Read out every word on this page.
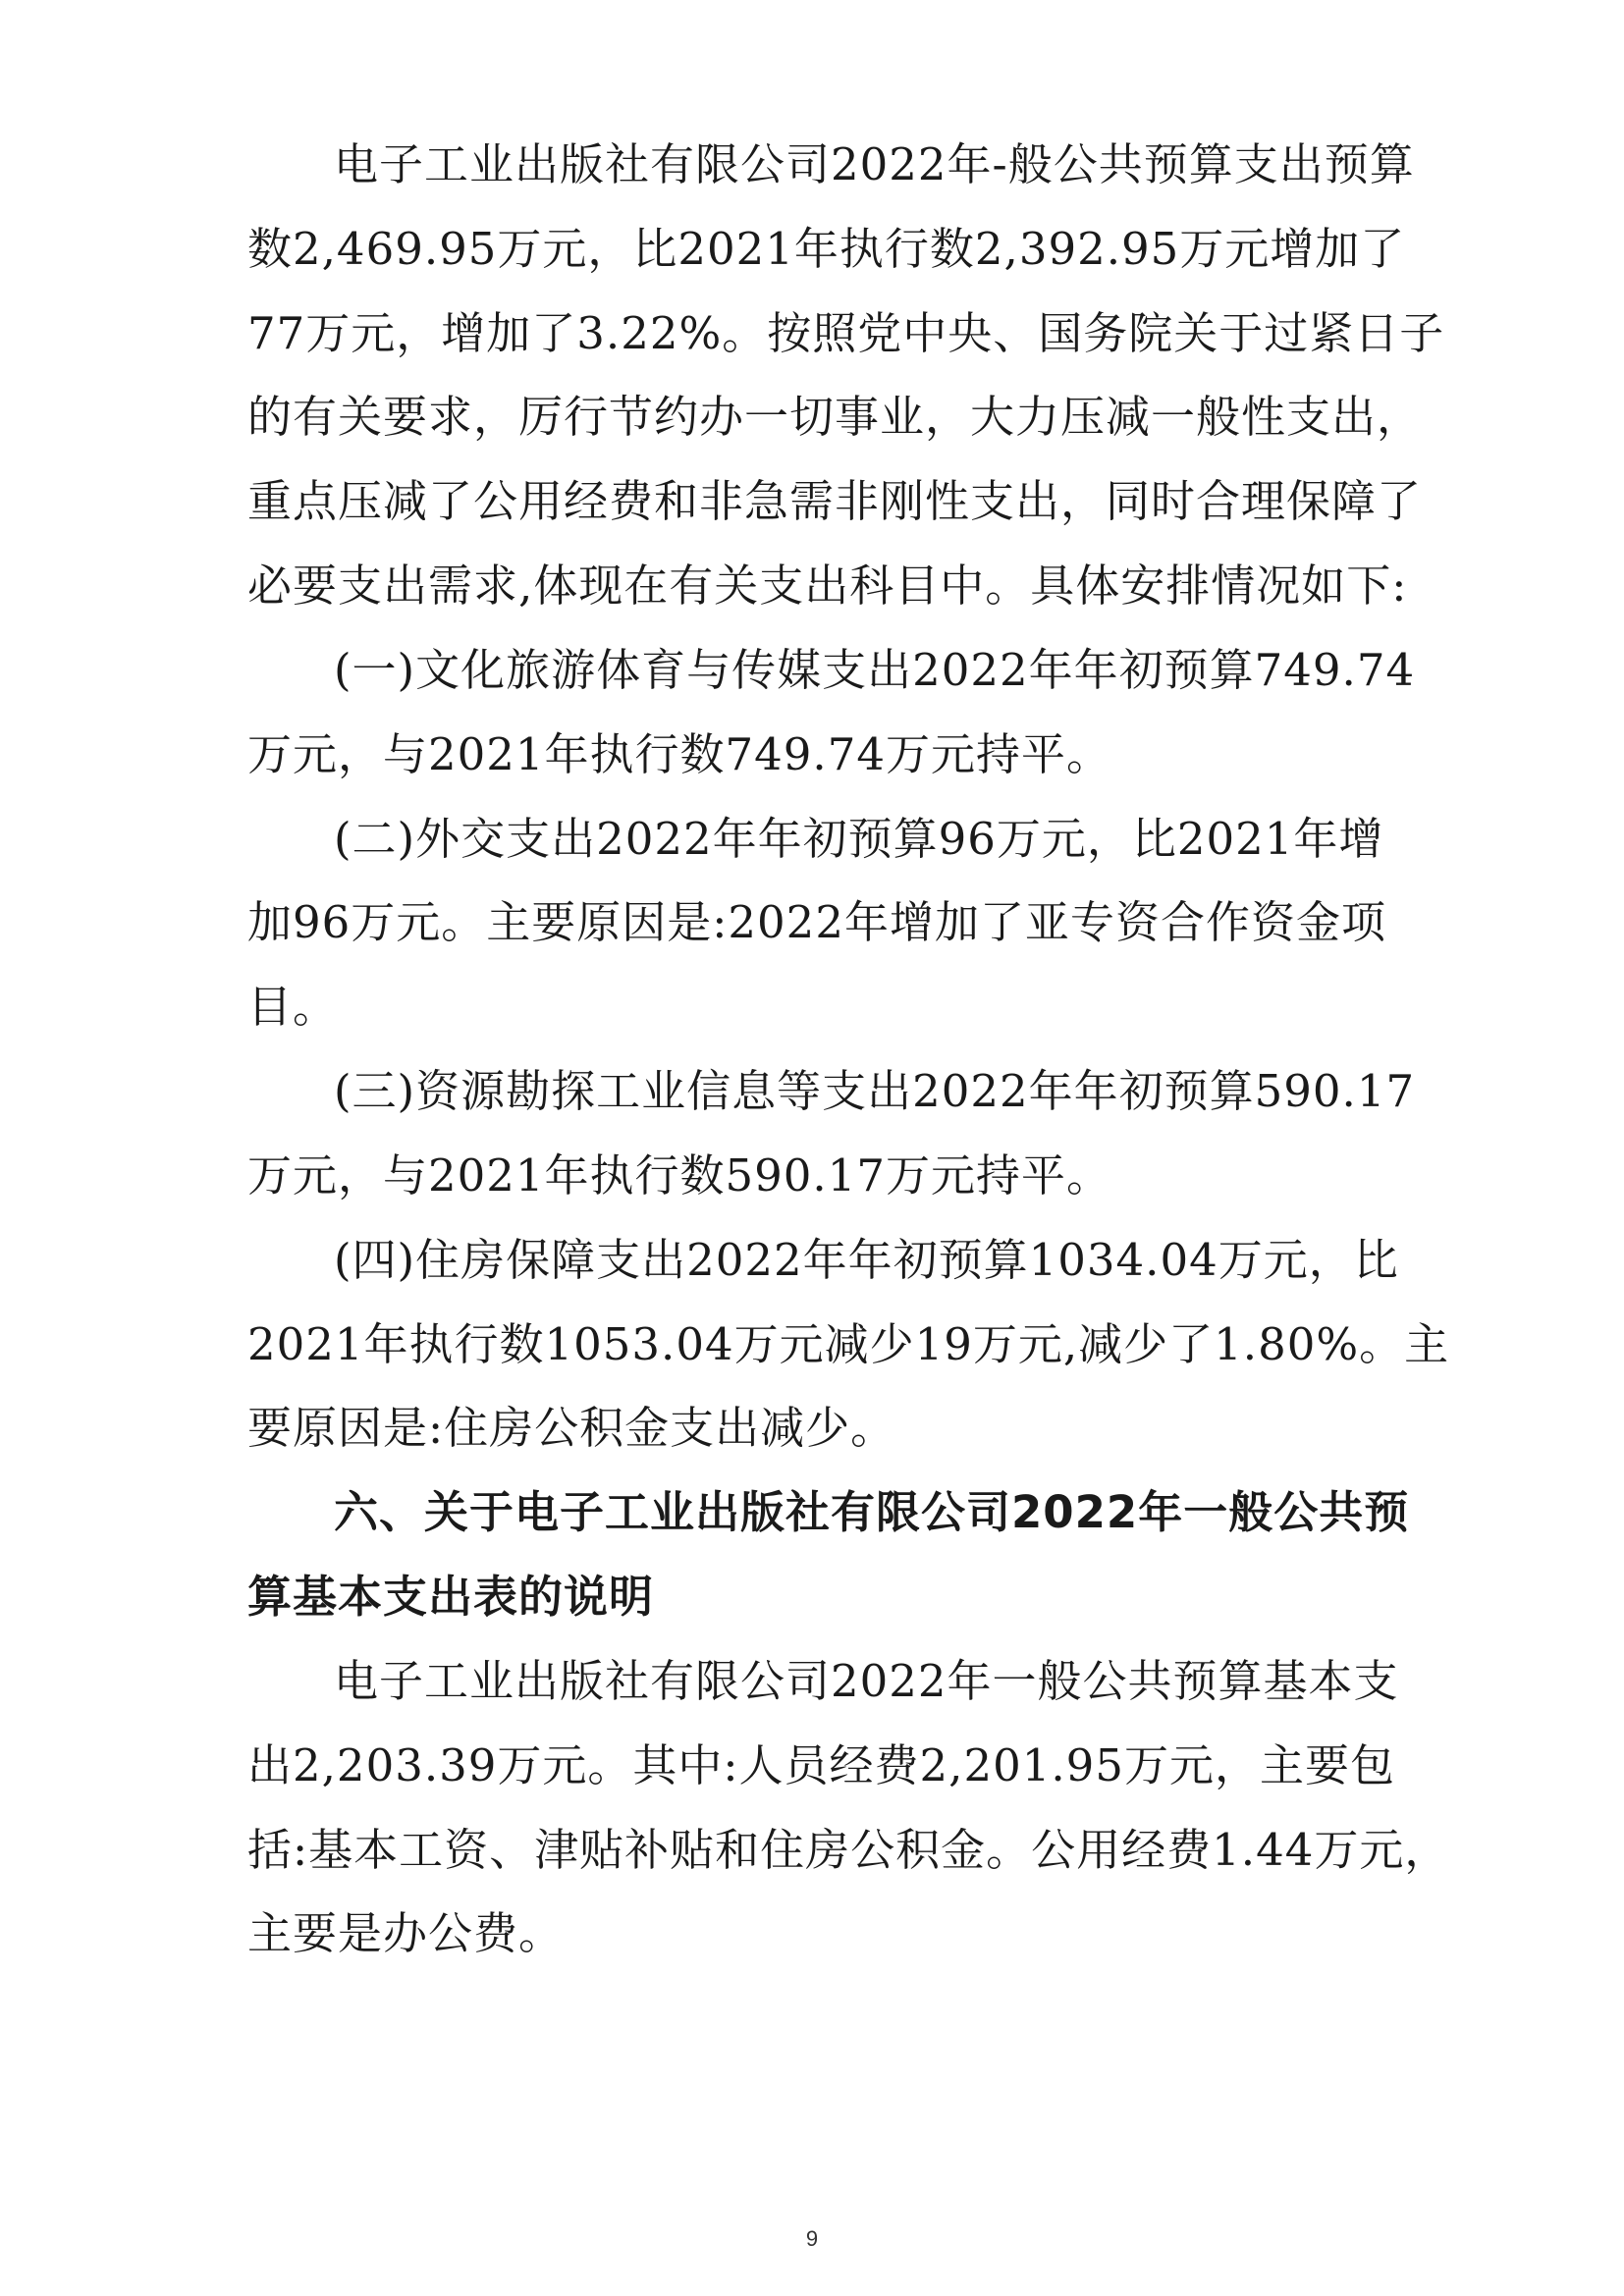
电子工业出版社有限公司2022年-般公共预算支出预算
数2,469.95万元，比2021年执行数2,392.95万元增加了
77万元，增加了3.22%。按照党中央、国务院关于过紧日子
的有关要求，厉行节约办一切事业，大力压减一般性支出，
重点压减了公用经费和非急需非刚性支出，同时合理保障了
必要支出需求,体现在有关支出科目中。具体安排情况如下:
(一)文化旅游体育与传媒支出2022年年初预算749.74
万元，与2021年执行数749.74万元持平。
(二)外交支出2022年年初预算96万元，比2021年增
加96万元。主要原因是:2022年增加了亚专资合作资金项
目。
(三)资源勘探工业信息等支出2022年年初预算590.17
万元，与2021年执行数590.17万元持平。
(四)住房保障支出2022年年初预算1034.04万元，比
2021年执行数1053.04万元减少19万元,减少了1.80%。主
要原因是:住房公积金支出减少。
六、关于电子工业出版社有限公司2022年一般公共预
算基本支出表的说明
电子工业出版社有限公司2022年一般公共预算基本支
出2,203.39万元。其中:人员经费2,201.95万元，主要包
括:基本工资、津贴补贴和住房公积金。公用经费1.44万元，
主要是办公费。
9
